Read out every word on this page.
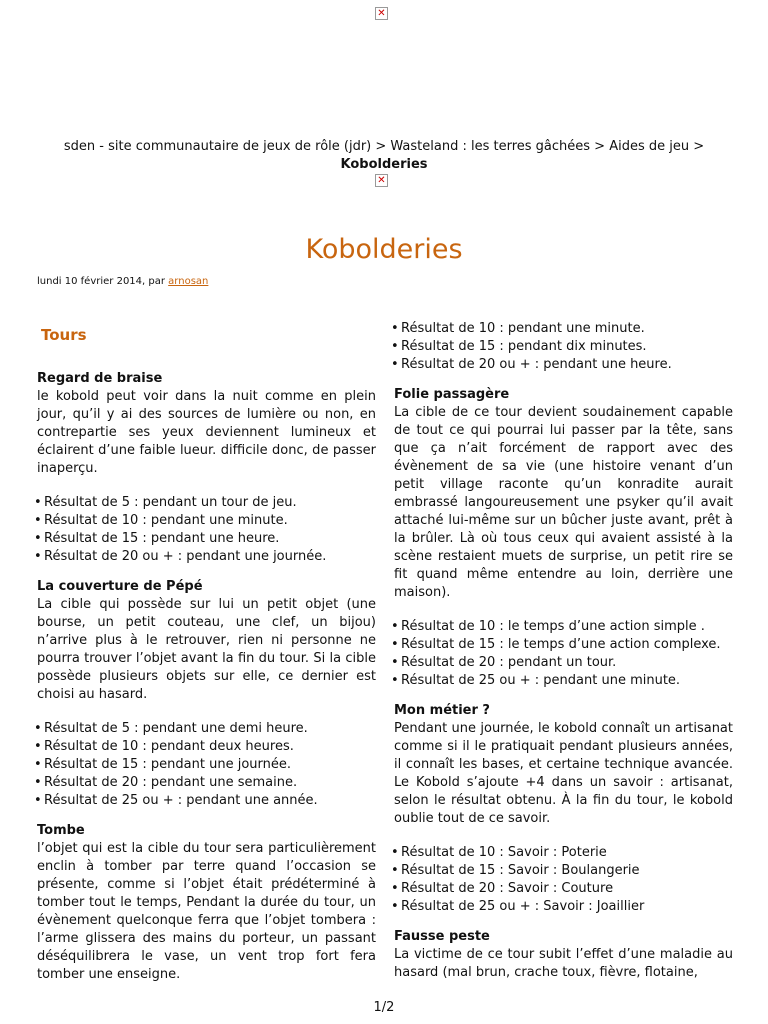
✕
sden - site communautaire de jeux de rôle (jdr) > Wasteland : les terres gâchées > Aides de jeu >
Kobolderies
✕
Kobolderies
lundi 10 février 2014, par arnosan
Tours
Regard de braise

le kobold peut voir dans la nuit comme en plein jour, qu’il y ai des sources de lumière ou non, en contrepartie ses yeux deviennent lumineux et éclairent d’une faible lueur. difficile donc, de passer inaperçu.

• Résultat de 5 : pendant un tour de jeu.
• Résultat de 10 : pendant une minute.
• Résultat de 15 : pendant une heure.
• Résultat de 20 ou + : pendant une journée.
La couverture de Pépé

La cible qui possède sur lui un petit objet (une bourse, un petit couteau, une clef, un bijou) n’arrive plus à le retrouver, rien ni personne ne pourra trouver l’objet avant la fin du tour. Si la cible possède plusieurs objets sur elle, ce dernier est choisi au hasard.

• Résultat de 5 : pendant une demi heure.
• Résultat de 10 : pendant deux heures.
• Résultat de 15 : pendant une journée.
• Résultat de 20 : pendant une semaine.
• Résultat de 25 ou + : pendant une année.
Tombe

l’objet qui est la cible du tour sera particulièrement enclin à tomber par terre quand l’occasion se présente, comme si l’objet était prédéterminé à tomber tout le temps, Pendant la durée du tour, un évènement quelconque ferra que l’objet tombera : l’arme glissera des mains du porteur, un passant déséquilibrera le vase, un vent trop fort fera tomber une enseigne.

• Résultat de 10 : pendant une minute.
• Résultat de 15 : pendant dix minutes.
• Résultat de 20 ou + : pendant une heure.
Folie passagère

La cible de ce tour devient soudainement capable de tout ce qui pourrai lui passer par la tête, sans que ça n’ait forcément de rapport avec des évènement de sa vie (une histoire venant d’un petit village raconte qu’un konradite aurait embrassé langoureusement une psyker qu’il avait attaché lui-même sur un bûcher juste avant, prêt à la brûler. Là où tous ceux qui avaient assisté à la scène restaient muets de surprise, un petit rire se fit quand même entendre au loin, derrière une maison).

• Résultat de 10 : le temps d’une action simple .
• Résultat de 15 : le temps d’une action complexe.
• Résultat de 20 : pendant un tour.
• Résultat de 25 ou + : pendant une minute.
Mon métier ?

Pendant une journée, le kobold connaît un artisanat comme si il le pratiquait pendant plusieurs années, il connaît les bases, et certaine technique avancée. Le Kobold s’ajoute +4 dans un savoir : artisanat, selon le résultat obtenu. À la fin du tour, le kobold oublie tout de ce savoir.

• Résultat de 10 : Savoir : Poterie
• Résultat de 15 : Savoir : Boulangerie
• Résultat de 20 : Savoir : Couture
• Résultat de 25 ou + : Savoir : Joaillier
Fausse peste

La victime de ce tour subit l’effet d’une maladie au hasard (mal brun, crache toux, fièvre, flotaine,

1/2
